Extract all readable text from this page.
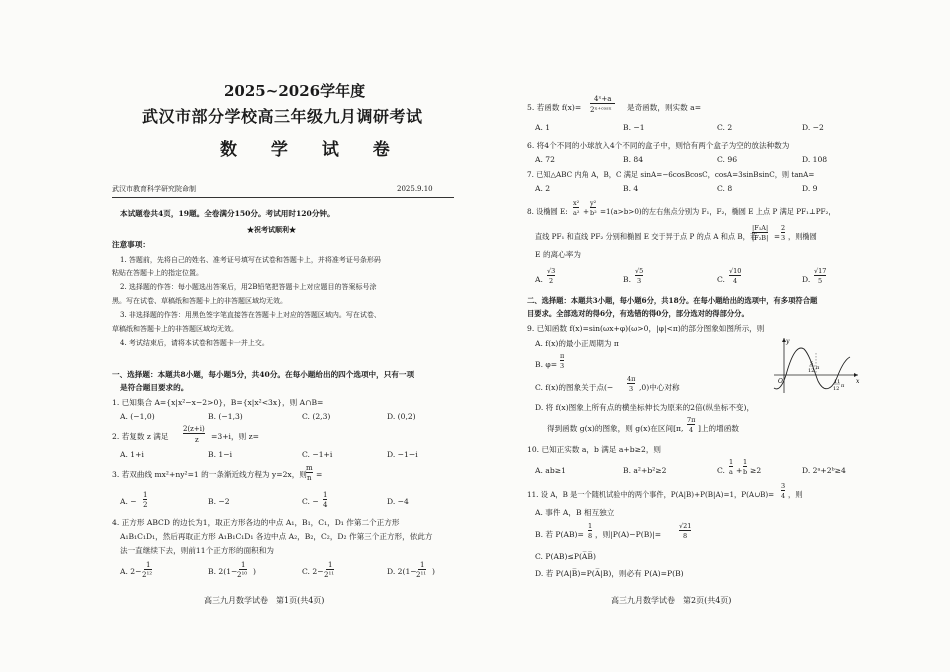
2025~2026学年度
武汉市部分学校高三年级九月调研考试
数 学 试 卷
武汉市教育科学研究院命制	2025.9.10
本试题卷共4页，19题。全卷满分150分。考试用时120分钟。
★祝考试顺利★
注意事项：
1. 答题前，先将自己的姓名、准考证号填写在试卷和答题卡上，并将准考证号条形码
粘贴在答题卡上的指定位置。
2. 选择题的作答：每小题选出答案后，用2B铅笔把答题卡上对应题目的答案标号涂
黑。写在试卷、草稿纸和答题卡上的非答题区域均无效。
3. 非选择题的作答：用黑色签字笔直接答在答题卡上对应的答题区域内。写在试卷、
草稿纸和答题卡上的非答题区域均无效。
4. 考试结束后，请将本试卷和答题卡一并上交。
一、选择题：本题共8小题，每小题5分，共40分。在每小题给出的四个选项中，只有一项
是符合题目要求的。
1. 已知集合 A={x|x²−x−2>0}，B={x|x²<3x}，则 A∩B=
A. (−1,0)	B. (−1,3)	C. (2,3)	D. (0,2)
2. 若复数 z 满足
2(z+i)
z =3+i，则 z=
A. 1+i	B. 1−i	C. −1+i	D. −1−i
3. 若双曲线 mx²+ny²=1 的一条渐近线方程为 y=2x，则
m
n =
A. −
1
2	B. −2	C. −
1
4	D. −4
4. 正方形 ABCD 的边长为1，取正方形各边的中点 A₁，B₁，C₁，D₁ 作第二个正方形
A₁B₁C₁D₁，然后再取正方形 A₁B₁C₁D₁ 各边中点 A₂，B₂，C₂，D₂ 作第三个正方形，依此方
法一直继续下去，则前11个正方形的面积和为
A. 2−
1
2¹²	B. 2(1−
1
2¹⁰ )	C. 2−
1
2¹¹	D. 2(1−
1
2¹¹ )
高三九月数学试卷　第1页(共4页)
5. 若函数 f(x)=
4ˣ+a
2ˣ⁺ᶜᵒˢˣ 是奇函数，则实数 a=
A. 1	B. −1	C. 2	D. −2
6. 将4个不同的小球放入4个不同的盒子中，则恰有两个盒子为空的放法种数为
A. 72	B. 84	C. 96	D. 108
7. 已知△ABC 内角 A，B，C 满足 sinA=−6cosBcosC，cosA=3sinBsinC，则 tanA=
A. 2	B. 4	C. 8	D. 9
8. 设椭圆 E:
x²
a² +
y²
b² =1(a>b>0)的左右焦点分别为 F₁，F₂，椭圆 E 上点 P 满足 PF₁⊥PF₂，
直线 PF₁ 和直线 PF₂ 分别和椭圆 E 交于异于点 P 的点 A 和点 B，若
|F₁A|
|F₂B| =
2
3 ，则椭圆
E 的离心率为
A.
√3
2	B.
√5
3	C.
√10
4	D.
√17
5
二、选择题：本题共3小题，每小题6分，共18分。在每小题给出的选项中，有多项符合题
目要求。全部选对的得6分，有选错的得0分，部分选对的得部分分。
9. 已知函数 f(x)=sin(ωx+φ)(ω>0，|φ|<π)的部分图象如图所示，则
A. f(x)的最小正周期为 π
B. φ=
π
3
C. f(x)的图象关于点(−
4π
3 ,0)中心对称
D. 将 f(x)图象上所有点的横坐标伸长为原来的2倍(纵坐标不变)，
得到函数 g(x)的图象，则 g(x)在区间[π,
7π
4 ]上的增函数
y
x
O
5
12 π
11
12 π
10. 已知正实数 a，b 满足 a+b≥2，则
A. ab≥1	B. a²+b²≥2	C.
1
a +
1
b ≥2	D. 2ᵃ+2ᵇ≥4
11. 设 A，B 是一个随机试验中的两个事件，P(A|B)+P(B|A)=1，P(A∪B)=
3
4 ，则
A. 事件 A，B 相互独立
B. 若 P(AB)=
1
8 ，则|P(A)−P(B)|=
√21
8
C. P(AB)≤P(A̅B̅)
D. 若 P(A|B̅)=P(A̅|B)，则必有 P(A)=P(B)
高三九月数学试卷　第2页(共4页)
